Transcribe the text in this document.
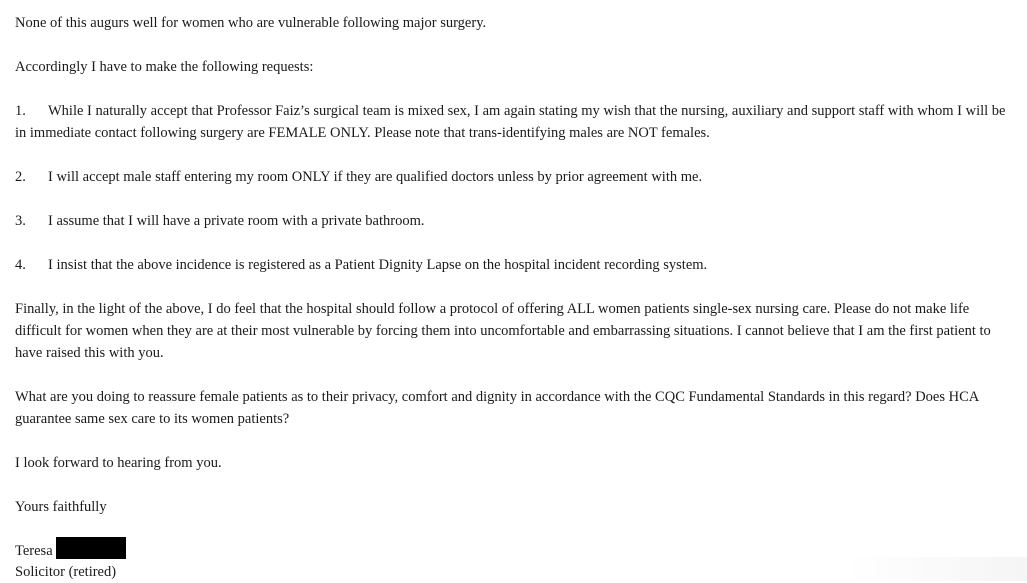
None of this augurs well for women who are vulnerable following major surgery.
Accordingly I have to make the following requests:
1. While I naturally accept that Professor Faiz’s surgical team is mixed sex, I am again stating my wish that the nursing, auxiliary and support staff with whom I will be in immediate contact following surgery are FEMALE ONLY. Please note that trans-identifying males are NOT females.
2. I will accept male staff entering my room ONLY if they are qualified doctors unless by prior agreement with me.
3. I assume that I will have a private room with a private bathroom.
4. I insist that the above incidence is registered as a Patient Dignity Lapse on the hospital incident recording system.
Finally, in the light of the above, I do feel that the hospital should follow a protocol of offering ALL women patients single-sex nursing care. Please do not make life difficult for women when they are at their most vulnerable by forcing them into uncomfortable and embarrassing situations. I cannot believe that I am the first patient to have raised this with you.
What are you doing to reassure female patients as to their privacy, comfort and dignity in accordance with the CQC Fundamental Standards in this regard? Does HCA guarantee same sex care to its women patients?
I look forward to hearing from you.
Yours faithfully
Teresa
Solicitor (retired)
